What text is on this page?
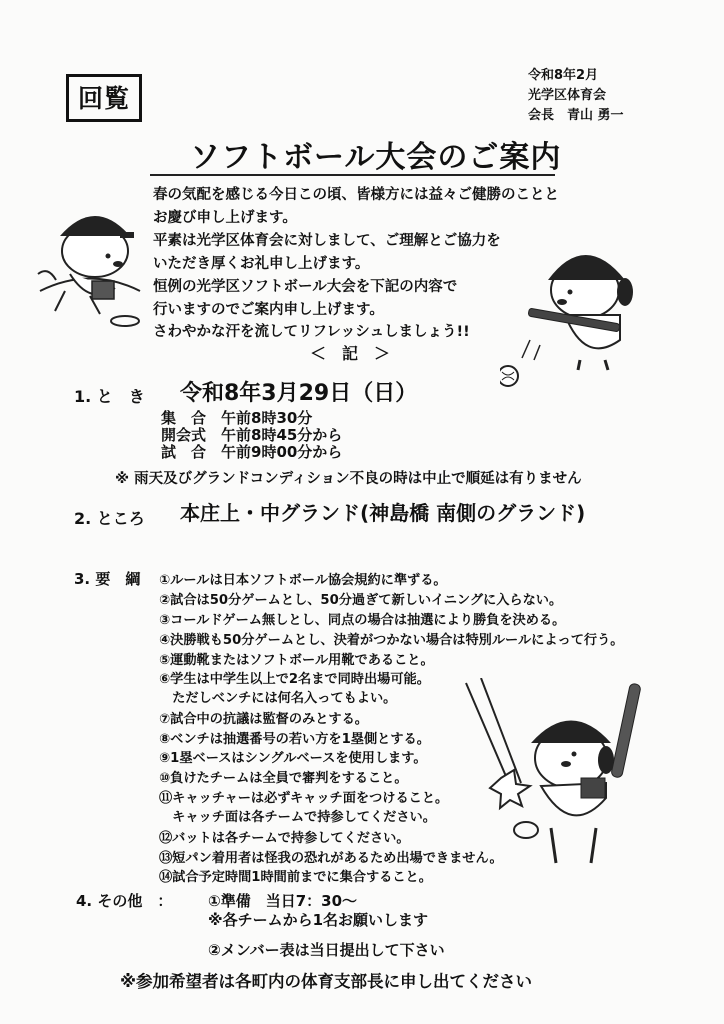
回覧
令和8年2月
光学区体育会
会長　青山 勇一
ソフトボール大会のご案内
春の気配を感じる今日この頃、皆様方には益々ご健勝のことと
お慶び申し上げます。
平素は光学区体育会に対しまして、ご理解とご協力を
いただき厚くお礼申し上げます。
恒例の光学区ソフトボール大会を下記の内容で
行いますのでご案内申し上げます。
さわやかな汗を流してリフレッシュしましょう!!
＜　記　＞
1. と　き 令和8年3月29日（日）
集　合　午前8時30分
開会式　午前8時45分から
試　合　午前9時00分から
※ 雨天及びグランドコンディション不良の時は中止で順延は有りません
2. ところ 本庄上・中グランド(神島橋 南側のグランド)
3. 要　綱 ①ルールは日本ソフトボール協会規約に準ずる。
②試合は50分ゲームとし、50分過ぎて新しいイニングに入らない。
③コールドゲーム無しとし、同点の場合は抽選により勝負を決める。
④決勝戦も50分ゲームとし、決着がつかない場合は特別ルールによって行う。
⑤運動靴またはソフトボール用靴であること。
⑥学生は中学生以上で2名まで同時出場可能。
　ただしベンチには何名入ってもよい。
⑦試合中の抗議は監督のみとする。
⑧ベンチは抽選番号の若い方を1塁側とする。
⑨1塁ベースはシングルベースを使用します。
⑩負けたチームは全員で審判をすること。
⑪キャッチャーは必ずキャッチ面をつけること。
　キャッチ面は各チームで持参してください。
⑫バットは各チームで持参してください。
⑬短パン着用者は怪我の恐れがあるため出場できません。
⑭試合予定時間1時間前までに集合すること。
4. その他　： ①準備　当日7：30～
※各チームから1名お願いします
②メンバー表は当日提出して下さい
※参加希望者は各町内の体育支部長に申し出てください
